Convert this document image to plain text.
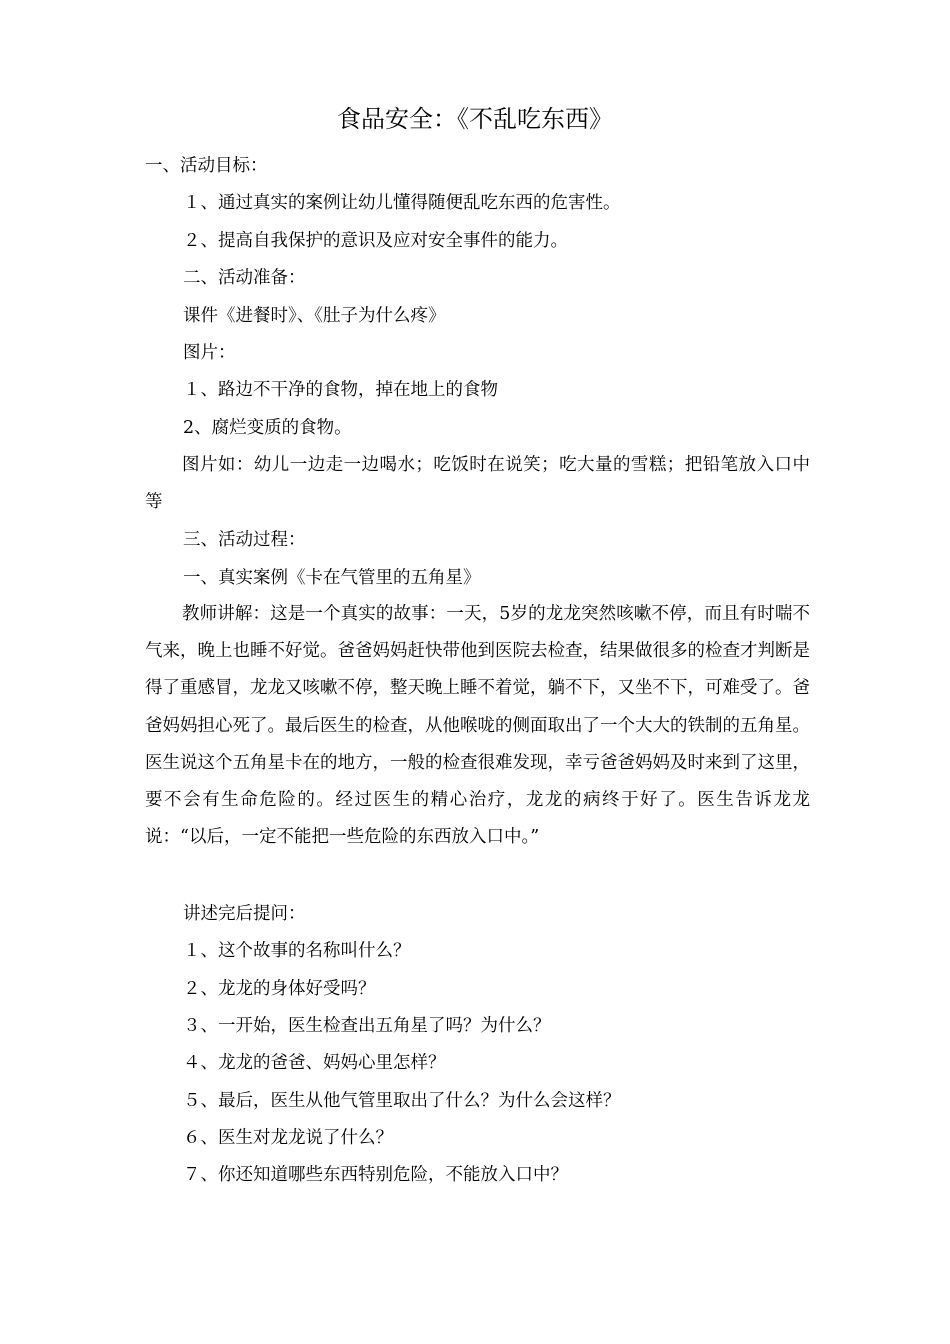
食品安全：《不乱吃东西》
一、活动目标：
１、通过真实的案例让幼儿懂得随便乱吃东西的危害性。
２、提高自我保护的意识及应对安全事件的能力。
二、活动准备：
课件《进餐时》、《肚子为什么疼》
图片：
１、路边不干净的食物，掉在地上的食物
2、腐烂变质的食物。
图片如：幼儿一边走一边喝水；吃饭时在说笑；吃大量的雪糕；把铅笔放入口中等
三、活动过程：
一、真实案例《卡在气管里的五角星》
教师讲解：这是一个真实的故事：一天，5岁的龙龙突然咳嗽不停，而且有时喘不气来，晚上也睡不好觉。爸爸妈妈赶快带他到医院去检查，结果做很多的检查才判断是得了重感冒，龙龙又咳嗽不停，整天晚上睡不着觉，躺不下，又坐不下，可难受了。爸爸妈妈担心死了。最后医生的检查，从他喉咙的侧面取出了一个大大的铁制的五角星。医生说这个五角星卡在的地方，一般的检查很难发现，幸亏爸爸妈妈及时来到了这里，要不会有生命危险的。经过医生的精心治疗，龙龙的病终于好了。医生告诉龙龙说：“以后，一定不能把一些危险的东西放入口中。”
讲述完后提问：
１、这个故事的名称叫什么？
２、龙龙的身体好受吗？
３、一开始，医生检查出五角星了吗？为什么？
４、龙龙的爸爸、妈妈心里怎样？
５、最后，医生从他气管里取出了什么？为什么会这样？
６、医生对龙龙说了什么？
７、你还知道哪些东西特别危险，不能放入口中？
